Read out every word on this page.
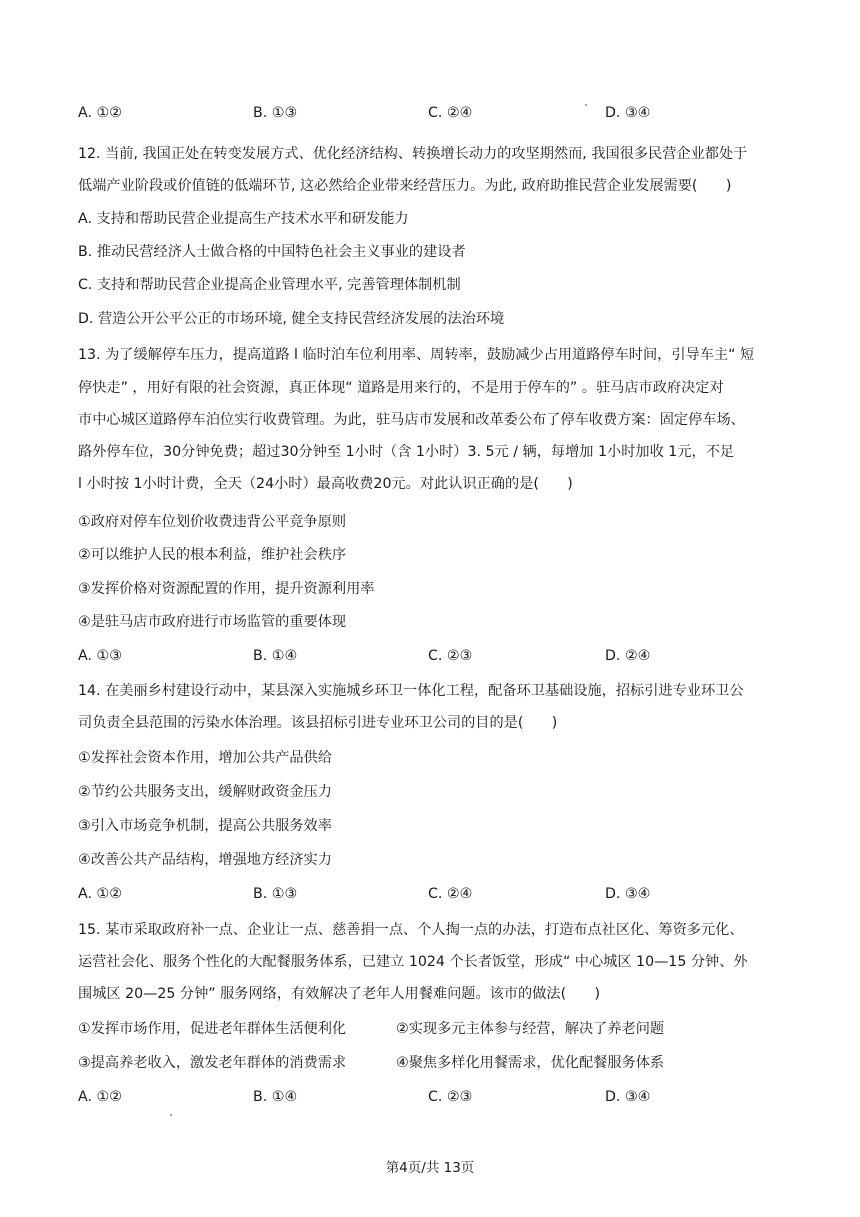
A. ①②	B. ①③	C. ②④	D. ③④
12. 当前, 我国正处在转变发展方式、优化经济结构、转换增长动力的攻坚期然而, 我国很多民营企业都处于
低端产业阶段或价值链的低端环节, 这必然给企业带来经营压力。为此, 政府助推民营企业发展需要(　　)
A. 支持和帮助民营企业提高生产技术水平和研发能力
B. 推动民营经济人士做合格的中国特色社会主义事业的建设者
C. 支持和帮助民营企业提高企业管理水平, 完善管理体制机制
D. 营造公开公平公正的市场环境, 健全支持民营经济发展的法治环境
13. 为了缓解停车压力，提高道路 l 临时泊车位利用率、周转率，鼓励减少占用道路停车时间，引导车主“ 短
停快走” ，用好有限的社会资源，真正体现“ 道路是用来行的，不是用于停车的” 。驻马店市政府决定对
市中心城区道路停车泊位实行收费管理。为此，驻马店市发展和改革委公布了停车收费方案：固定停车场、
路外停车位，30分钟免费；超过30分钟至 1小时（含 1小时）3. 5元 / 辆，每增加 1小时加收 1元，不足
l 小时按 1小时计费，全天（24小时）最高收费20元。对此认识正确的是(　　)
①政府对停车位划价收费违背公平竞争原则
②可以维护人民的根本利益，维护社会秩序
③发挥价格对资源配置的作用，提升资源利用率
④是驻马店市政府进行市场监管的重要体现
A. ①③	B. ①④	C. ②③	D. ②④
14. 在美丽乡村建设行动中，某县深入实施城乡环卫一体化工程，配备环卫基础设施，招标引进专业环卫公
司负责全县范围的污染水体治理。该县招标引进专业环卫公司的目的是(　　)
①发挥社会资本作用，增加公共产品供给
②节约公共服务支出，缓解财政资金压力
③引入市场竞争机制，提高公共服务效率
④改善公共产品结构，增强地方经济实力
A. ①②	B. ①③	C. ②④	D. ③④
15. 某市采取政府补一点、企业让一点、慈善捐一点、个人掏一点的办法，打造布点社区化、筹资多元化、
运营社会化、服务个性化的大配餐服务体系，已建立 1024 个长者饭堂，形成“ 中心城区 10—15 分钟、外
围城区 20—25 分钟” 服务网络，有效解决了老年人用餐难问题。该市的做法(　　)
①发挥市场作用，促进老年群体生活便利化	②实现多元主体参与经营，解决了养老问题
③提高养老收入，激发老年群体的消费需求	④聚焦多样化用餐需求，优化配餐服务体系
A. ①②	B. ①④	C. ②③	D. ③④
第4页/共 13页
